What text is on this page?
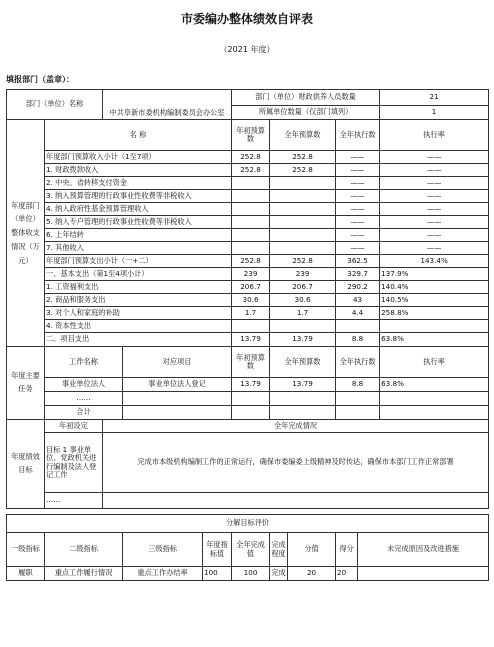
市委编办整体绩效自评表
（2021 年度）
填报部门（盖章）：
部门（单位）名称		中共阜新市委机构编制委员会办公室			部门（单位）财政供养人员数量					21
					所属单位数量（仅部门填列）					1
年度部门（单位）整体收支情况（万元）	名 称				年初预算数	全年预算数		全年执行数		执行率
	年度部门预算收入小计（1至7项）				252.8	252.8		——		——
	1. 财政拨款收入				252.8	252.8		——		——
	2. 中央、省转移支付资金							——		——
	3. 纳入预算管理的行政事业性收费等非税收入							——		——
	4. 纳入政府性基金预算管理收入							——		——
	5. 纳入专户管理的行政事业性收费等非税收入							——		——
	6. 上年结转							——		——
	7. 其他收入							——		——
	年度部门预算支出小计（一+二）				252.8	252.8		362.5		143.4%
	一、基本支出（第1至4项小计）				239	239		329.7		137.9%
	1. 工资福利支出				206.7	206.7		290.2		140.4%
	2. 商品和服务支出				30.6	30.6		43		140.5%
	3. 对个人和家庭的补助				1.7	1.7		4.4		258.8%
	4. 资本性支出									
	二、项目支出				13.79	13.79		8.8		63.8%
年度主要任务	工作名称		对应项目		年初预算数	全年预算数		全年执行数		执行率
	事业单位法人		事业单位法人登记		13.79	13.79		8.8		63.8%
	……									
	合计									
年度绩效目标	年初设定	全年完成情况								
	目标 1 事业单位、党政机关进行编制及法人登记工作	完成市本级机构编制工作的正常运行，确保市委编委上级精神及时传达，确保市本部门工作正常部署								
	……									

分解目标评价										
一级指标	二级指标		三级指标	年度指标值	全年完成值	完成程度	分值	得分	未完成原因及改进措施	
履职	重点工作履行情况		重点工作办结率	100	100	完成	20	20		
